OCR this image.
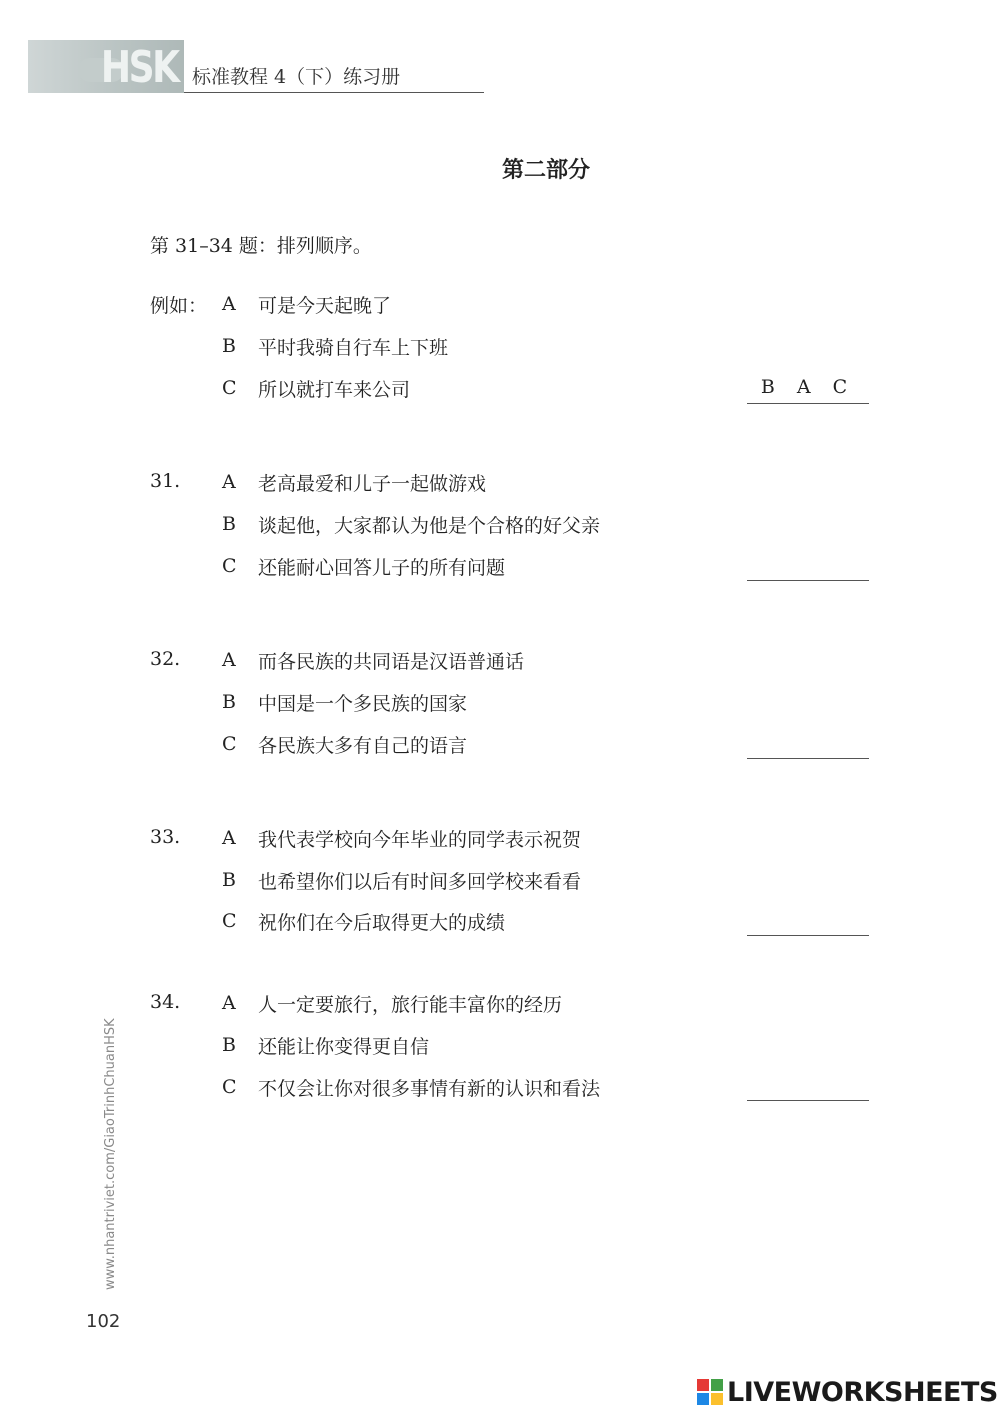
HSK 标准教程 4（下）练习册
第二部分
第 31–34 题：排列顺序。
例如： A 可是今天起晚了
B 平时我骑自行车上下班
C 所以就打车来公司	B A C
31. A 老高最爱和儿子一起做游戏
B 谈起他，大家都认为他是个合格的好父亲
C 还能耐心回答儿子的所有问题
32. A 而各民族的共同语是汉语普通话
B 中国是一个多民族的国家
C 各民族大多有自己的语言
33. A 我代表学校向今年毕业的同学表示祝贺
B 也希望你们以后有时间多回学校来看看
C 祝你们在今后取得更大的成绩
34. A 人一定要旅行，旅行能丰富你的经历
B 还能让你变得更自信
C 不仅会让你对很多事情有新的认识和看法
www.nhantriviet.com/GiaoTrinhChuanHSK
102
LIVEWORKSHEETS
